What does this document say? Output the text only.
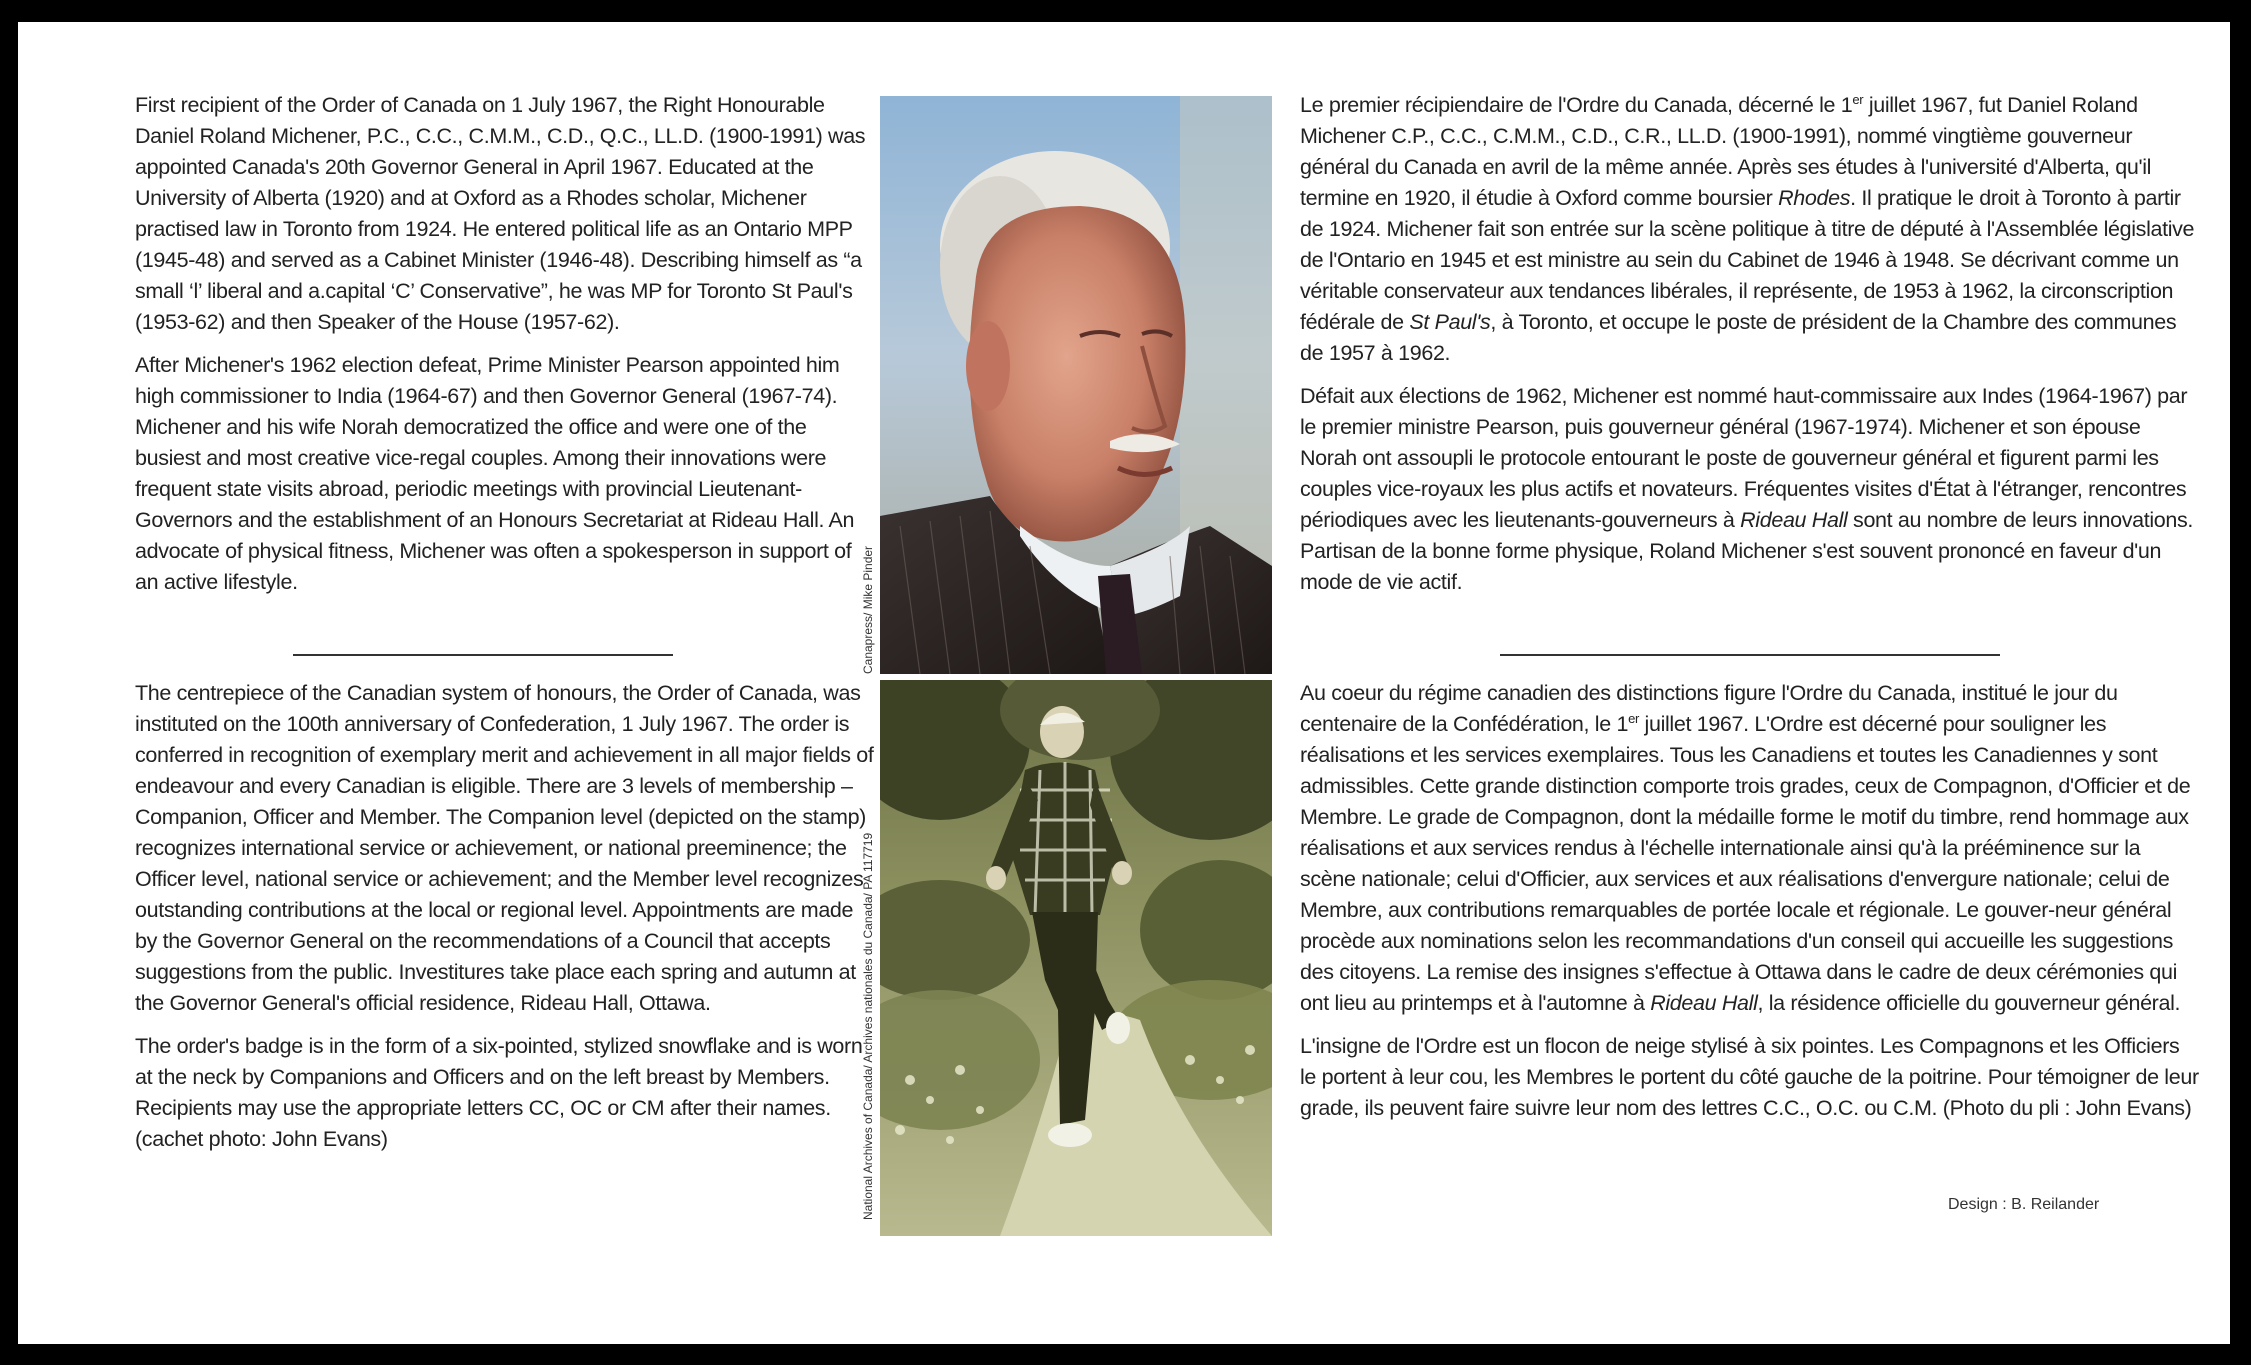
First recipient of the Order of Canada on 1 July 1967, the Right Honourable Daniel Roland Michener, P.C., C.C., C.M.M., C.D., Q.C., LL.D. (1900-1991) was appointed Canada's 20th Governor General in April 1967. Educated at the University of Alberta (1920) and at Oxford as a Rhodes scholar, Michener practised law in Toronto from 1924. He entered political life as an Ontario MPP (1945-48) and served as a Cabinet Minister (1946-48). Describing himself as “a small ‘l’ liberal and a.capital ‘C’ Conservative”, he was MP for Toronto St Paul's (1953-62) and then Speaker of the House (1957-62).

After Michener's 1962 election defeat, Prime Minister Pearson appointed him high commissioner to India (1964-67) and then Governor General (1967-74). Michener and his wife Norah democratized the office and were one of the busiest and most creative vice-regal couples. Among their innovations were frequent state visits abroad, periodic meetings with provincial Lieutenant-Governors and the establishment of an Honours Secretariat at Rideau Hall. An advocate of physical fitness, Michener was often a spokesperson in support of an active lifestyle.

The centrepiece of the Canadian system of honours, the Order of Canada, was instituted on the 100th anniversary of Confederation, 1 July 1967. The order is conferred in recognition of exemplary merit and achievement in all major fields of endeavour and every Canadian is eligible. There are 3 levels of membership – Companion, Officer and Member. The Companion level (depicted on the stamp) recognizes international service or achievement, or national preeminence; the Officer level, national service or achievement; and the Member level recognizes outstanding contributions at the local or regional level. Appointments are made by the Governor General on the recommendations of a Council that accepts suggestions from the public. Investitures take place each spring and autumn at the Governor General's official residence, Rideau Hall, Ottawa.

The order's badge is in the form of a six-pointed, stylized snowflake and is worn at the neck by Companions and Officers and on the left breast by Members. Recipients may use the appropriate letters CC, OC or CM after their names. (cachet photo: John Evans)

Canapress/ Mike Pinder
National Archives of Canada/ Archives nationales du Canada/ PA 117719

Le premier récipiendaire de l'Ordre du Canada, décerné le 1er juillet 1967, fut Daniel Roland Michener C.P., C.C., C.M.M., C.D., C.R., LL.D. (1900-1991), nommé vingtième gouverneur général du Canada en avril de la même année. Après ses études à l'université d'Alberta, qu'il termine en 1920, il étudie à Oxford comme boursier Rhodes. Il pratique le droit à Toronto à partir de 1924. Michener fait son entrée sur la scène politique à titre de député à l'Assemblée législative de l'Ontario en 1945 et est ministre au sein du Cabinet de 1946 à 1948. Se décrivant comme un véritable conservateur aux tendances libérales, il représente, de 1953 à 1962, la circonscription fédérale de St Paul's, à Toronto, et occupe le poste de président de la Chambre des communes de 1957 à 1962.

Défait aux élections de 1962, Michener est nommé haut-commissaire aux Indes (1964-1967) par le premier ministre Pearson, puis gouverneur général (1967-1974). Michener et son épouse Norah ont assoupli le protocole entourant le poste de gouverneur général et figurent parmi les couples vice-royaux les plus actifs et novateurs. Fréquentes visites d'État à l'étranger, rencontres périodiques avec les lieutenants-gouverneurs à Rideau Hall sont au nombre de leurs innovations. Partisan de la bonne forme physique, Roland Michener s'est souvent prononcé en faveur d'un mode de vie actif.

Au coeur du régime canadien des distinctions figure l'Ordre du Canada, institué le jour du centenaire de la Confédération, le 1er juillet 1967. L'Ordre est décerné pour souligner les réalisations et les services exemplaires. Tous les Canadiens et toutes les Canadiennes y sont admissibles. Cette grande distinction comporte trois grades, ceux de Compagnon, d'Officier et de Membre. Le grade de Compagnon, dont la médaille forme le motif du timbre, rend hommage aux réalisations et aux services rendus à l'échelle internationale ainsi qu'à la prééminence sur la scène nationale; celui d'Officier, aux services et aux réalisations d'envergure nationale; celui de Membre, aux contributions remarquables de portée locale et régionale. Le gouver-neur général procède aux nominations selon les recommandations d'un conseil qui accueille les suggestions des citoyens. La remise des insignes s'effectue à Ottawa dans le cadre de deux cérémonies qui ont lieu au printemps et à l'automne à Rideau Hall, la résidence officielle du gouverneur général.

L'insigne de l'Ordre est un flocon de neige stylisé à six pointes. Les Compagnons et les Officiers le portent à leur cou, les Membres le portent du côté gauche de la poitrine. Pour témoigner de leur grade, ils peuvent faire suivre leur nom des lettres C.C., O.C. ou C.M. (Photo du pli : John Evans)

Design : B. Reilander
